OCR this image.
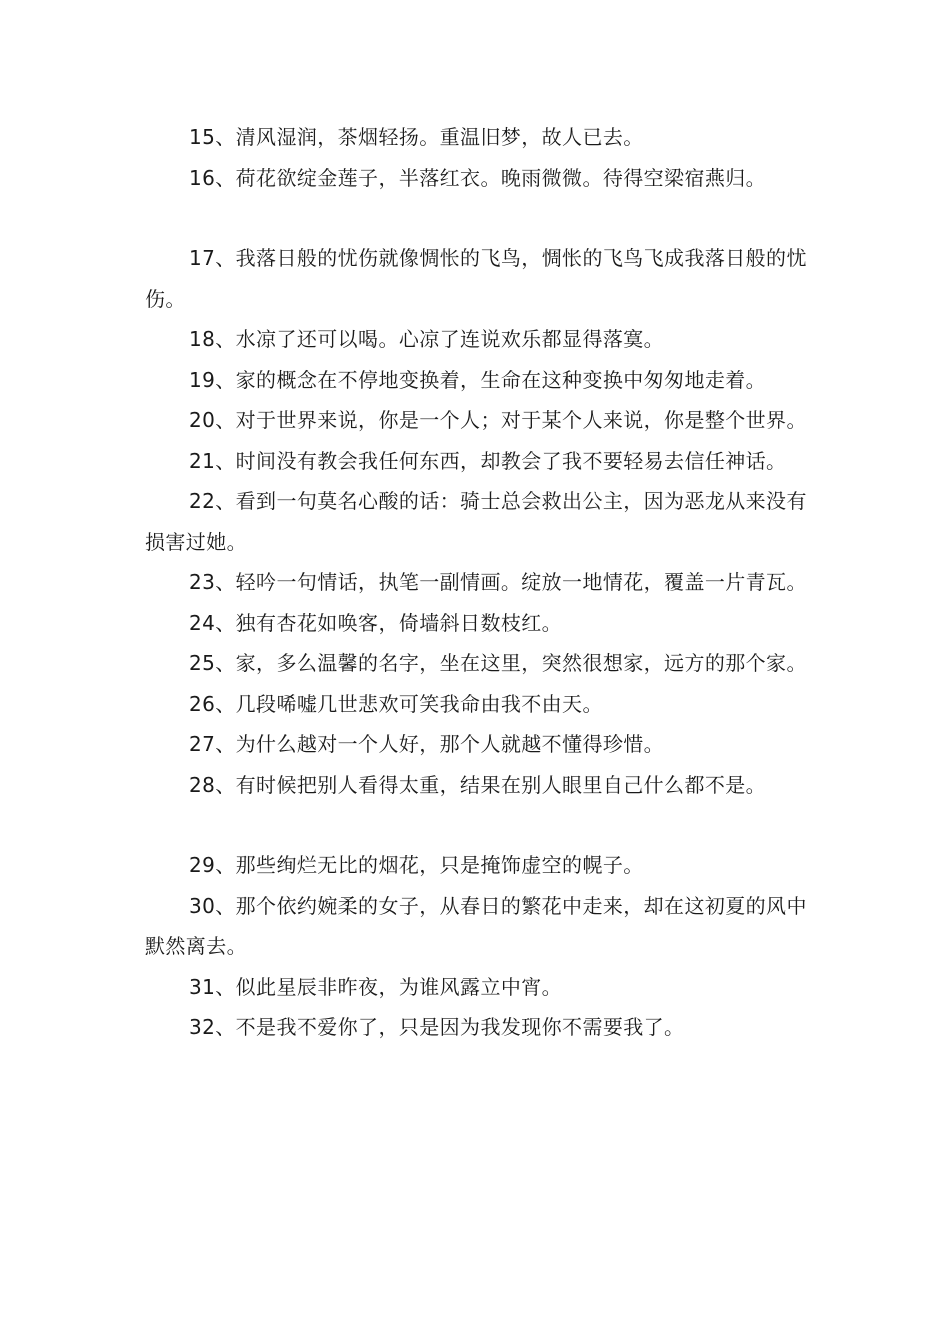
15、清风湿润，茶烟轻扬。重温旧梦，故人已去。

16、荷花欲绽金莲子，半落红衣。晚雨微微。待得空梁宿燕归。

17、我落日般的忧伤就像惆怅的飞鸟，惆怅的飞鸟飞成我落日般的忧伤。

18、水凉了还可以喝。心凉了连说欢乐都显得落寞。

19、家的概念在不停地变换着，生命在这种变换中匆匆地走着。

20、对于世界来说，你是一个人；对于某个人来说，你是整个世界。

21、时间没有教会我任何东西，却教会了我不要轻易去信任神话。

22、看到一句莫名心酸的话：骑士总会救出公主，因为恶龙从来没有损害过她。

23、轻吟一句情话，执笔一副情画。绽放一地情花，覆盖一片青瓦。

24、独有杏花如唤客，倚墙斜日数枝红。

25、家，多么温馨的名字，坐在这里，突然很想家，远方的那个家。

26、几段唏嘘几世悲欢可笑我命由我不由天。

27、为什么越对一个人好，那个人就越不懂得珍惜。

28、有时候把别人看得太重，结果在别人眼里自己什么都不是。

29、那些绚烂无比的烟花，只是掩饰虚空的幌子。

30、那个依约婉柔的女子，从春日的繁花中走来，却在这初夏的风中默然离去。

31、似此星辰非昨夜，为谁风露立中宵。

32、不是我不爱你了，只是因为我发现你不需要我了。
